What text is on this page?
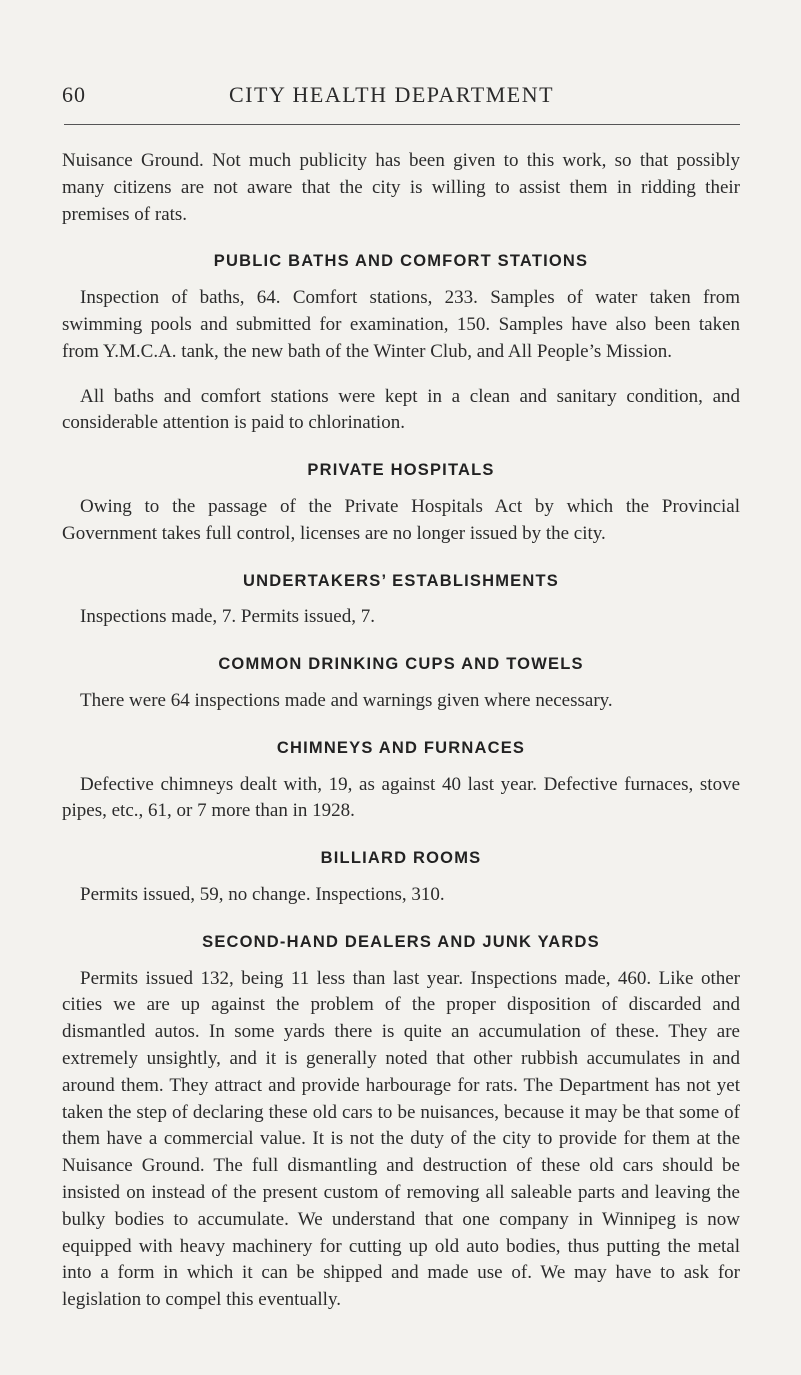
60	CITY HEALTH DEPARTMENT

Nuisance Ground. Not much publicity has been given to this work, so that possibly many citizens are not aware that the city is willing to assist them in ridding their premises of rats.

PUBLIC BATHS AND COMFORT STATIONS

Inspection of baths, 64. Comfort stations, 233. Samples of water taken from swimming pools and submitted for examination, 150. Samples have also been taken from Y.M.C.A. tank, the new bath of the Winter Club, and All People’s Mission.

All baths and comfort stations were kept in a clean and sanitary condition, and considerable attention is paid to chlorination.

PRIVATE HOSPITALS

Owing to the passage of the Private Hospitals Act by which the Provincial Government takes full control, licenses are no longer issued by the city.

UNDERTAKERS’ ESTABLISHMENTS

Inspections made, 7. Permits issued, 7.

COMMON DRINKING CUPS AND TOWELS

There were 64 inspections made and warnings given where necessary.

CHIMNEYS AND FURNACES

Defective chimneys dealt with, 19, as against 40 last year. Defective furnaces, stove pipes, etc., 61, or 7 more than in 1928.

BILLIARD ROOMS

Permits issued, 59, no change. Inspections, 310.

SECOND-HAND DEALERS AND JUNK YARDS

Permits issued 132, being 11 less than last year. Inspections made, 460. Like other cities we are up against the problem of the proper disposition of discarded and dismantled autos. In some yards there is quite an accumulation of these. They are extremely unsightly, and it is generally noted that other rubbish accumulates in and around them. They attract and provide harbourage for rats. The Department has not yet taken the step of declaring these old cars to be nuisances, because it may be that some of them have a commercial value. It is not the duty of the city to provide for them at the Nuisance Ground. The full dismantling and destruction of these old cars should be insisted on instead of the present custom of removing all saleable parts and leaving the bulky bodies to accumulate. We understand that one company in Winnipeg is now equipped with heavy machinery for cutting up old auto bodies, thus putting the metal into a form in which it can be shipped and made use of. We may have to ask for legislation to compel this eventually.
